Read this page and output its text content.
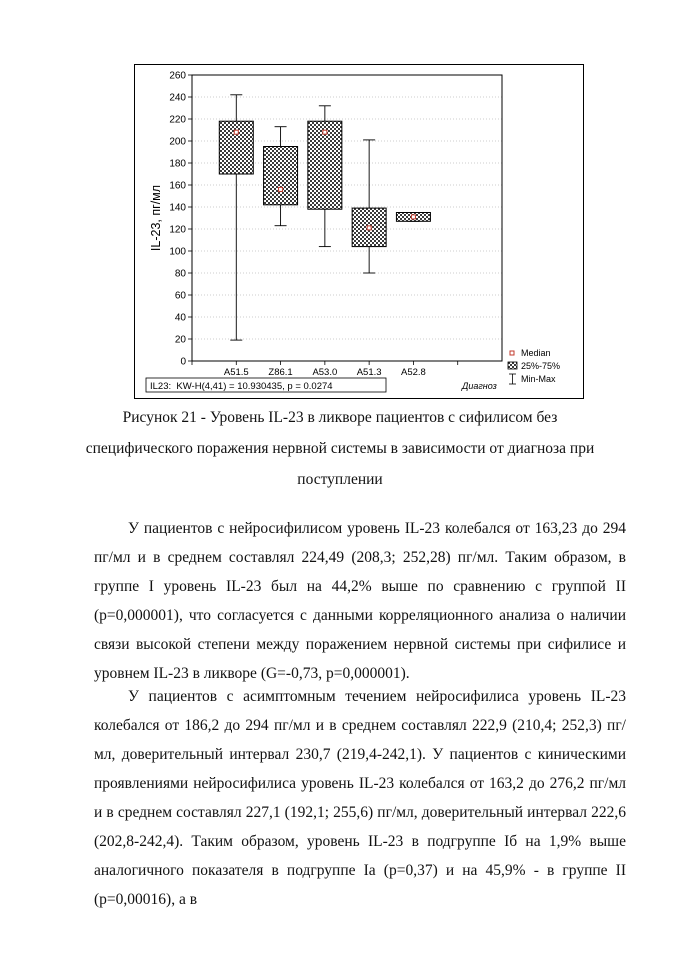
0
20
40
60
80
100
120
140
160
180
200
220
240
260
A51.5 Z86.1 A53.0 A51.3 A52.8
IL-23, пг/мл
Диагноз
IL23:  KW-H(4,41) = 10.930435, p = 0.0274
Median
25%-75%
Min-Max

Рисунок 21 - Уровень IL-23 в ликворе пациентов с сифилисом без специфического поражения нервной системы в зависимости от диагноза при поступлении

У пациентов с нейросифилисом уровень IL-23 колебался от 163,23 до 294 пг/мл и в среднем составлял 224,49 (208,3; 252,28) пг/мл. Таким образом, в группе I уровень IL-23 был на 44,2% выше по сравнению с группой II (p=0,000001), что согласуется с данными корреляционного анализа о наличии связи высокой степени между поражением нервной системы при сифилисе и уровнем IL-23 в ликворе (G=-0,73, p=0,000001).

У пациентов с асимптомным течением нейросифилиса уровень IL-23 колебался от 186,2 до 294 пг/мл и в среднем составлял 222,9 (210,4; 252,3) пг/мл, доверительный интервал 230,7 (219,4-242,1). У пациентов с киническими проявлениями нейросифилиса уровень IL-23 колебался от 163,2 до 276,2 пг/мл и в среднем составлял 227,1 (192,1; 255,6) пг/мл, доверительный интервал 222,6 (202,8-242,4). Таким образом, уровень IL-23 в подгруппе Iб на 1,9% выше аналогичного показателя в подгруппе Iа (p=0,37) и на 45,9% - в группе II (p=0,00016), а в
